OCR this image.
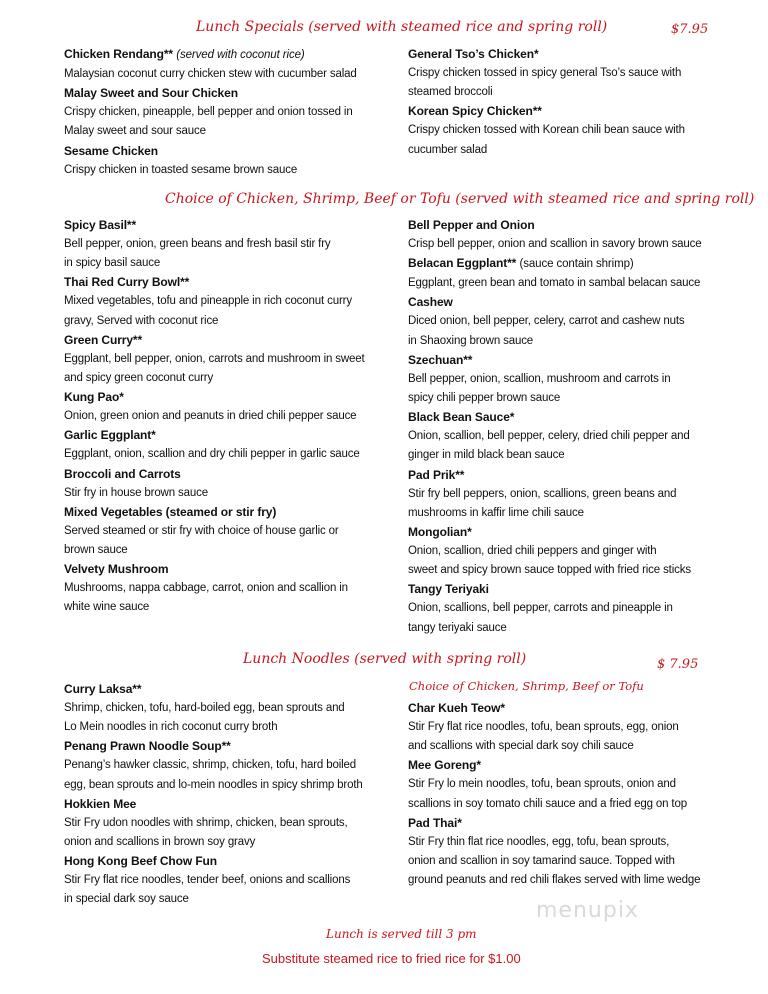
Lunch Specials (served with steamed rice and spring roll)	$7.95
Chicken Rendang** (served with coconut rice)
Malaysian coconut curry chicken stew with cucumber salad
Malay Sweet and Sour Chicken
Crispy chicken, pineapple, bell pepper and onion tossed in
Malay sweet and sour sauce
Sesame Chicken
Crispy chicken in toasted sesame brown sauce
General Tso’s Chicken*
Crispy chicken tossed in spicy general Tso’s sauce with
steamed broccoli
Korean Spicy Chicken**
Crispy chicken tossed with Korean chili bean sauce with
cucumber salad
Choice of Chicken, Shrimp, Beef or Tofu (served with steamed rice and spring roll)
Spicy Basil**
Bell pepper, onion, green beans and fresh basil stir fry
in spicy basil sauce
Thai Red Curry Bowl**
Mixed vegetables, tofu and pineapple in rich coconut curry
gravy, Served with coconut rice
Green Curry**
Eggplant, bell pepper, onion, carrots and mushroom in sweet
and spicy green coconut curry
Kung Pao*
Onion, green onion and peanuts in dried chili pepper sauce
Garlic Eggplant*
Eggplant, onion, scallion and dry chili pepper in garlic sauce
Broccoli and Carrots
Stir fry in house brown sauce
Mixed Vegetables (steamed or stir fry)
Served steamed or stir fry with choice of house garlic or
brown sauce
Velvety Mushroom
Mushrooms, nappa cabbage, carrot, onion and scallion in
white wine sauce
Bell Pepper and Onion
Crisp bell pepper, onion and scallion in savory brown sauce
Belacan Eggplant** (sauce contain shrimp)
Eggplant, green bean and tomato in sambal belacan sauce
Cashew
Diced onion, bell pepper, celery, carrot and cashew nuts
in Shaoxing brown sauce
Szechuan**
Bell pepper, onion, scallion, mushroom and carrots in
spicy chili pepper brown sauce
Black Bean Sauce*
Onion, scallion, bell pepper, celery, dried chili pepper and
ginger in mild black bean sauce
Pad Prik**
Stir fry bell peppers, onion, scallions, green beans and
mushrooms in kaffir lime chili sauce
Mongolian*
Onion, scallion, dried chili peppers and ginger with
sweet and spicy brown sauce topped with fried rice sticks
Tangy Teriyaki
Onion, scallions, bell pepper, carrots and pineapple in
tangy teriyaki sauce
Lunch Noodles (served with spring roll)	$ 7.95
Choice of Chicken, Shrimp, Beef or Tofu
Curry Laksa**
Shrimp, chicken, tofu, hard-boiled egg, bean sprouts and
Lo Mein noodles in rich coconut curry broth
Penang Prawn Noodle Soup**
Penang’s hawker classic, shrimp, chicken, tofu, hard boiled
egg, bean sprouts and lo-mein noodles in spicy shrimp broth
Hokkien Mee
Stir Fry udon noodles with shrimp, chicken, bean sprouts,
onion and scallions in brown soy gravy
Hong Kong Beef Chow Fun
Stir Fry flat rice noodles, tender beef, onions and scallions
in special dark soy sauce
Char Kueh Teow*
Stir Fry flat rice noodles, tofu, bean sprouts, egg, onion
and scallions with special dark soy chili sauce
Mee Goreng*
Stir Fry lo mein noodles, tofu, bean sprouts, onion and
scallions in soy tomato chili sauce and a fried egg on top
Pad Thai*
Stir Fry thin flat rice noodles, egg, tofu, bean sprouts,
onion and scallion in soy tamarind sauce. Topped with
ground peanuts and red chili flakes served with lime wedge
menupix
Lunch is served till 3 pm
Substitute steamed rice to fried rice for $1.00
